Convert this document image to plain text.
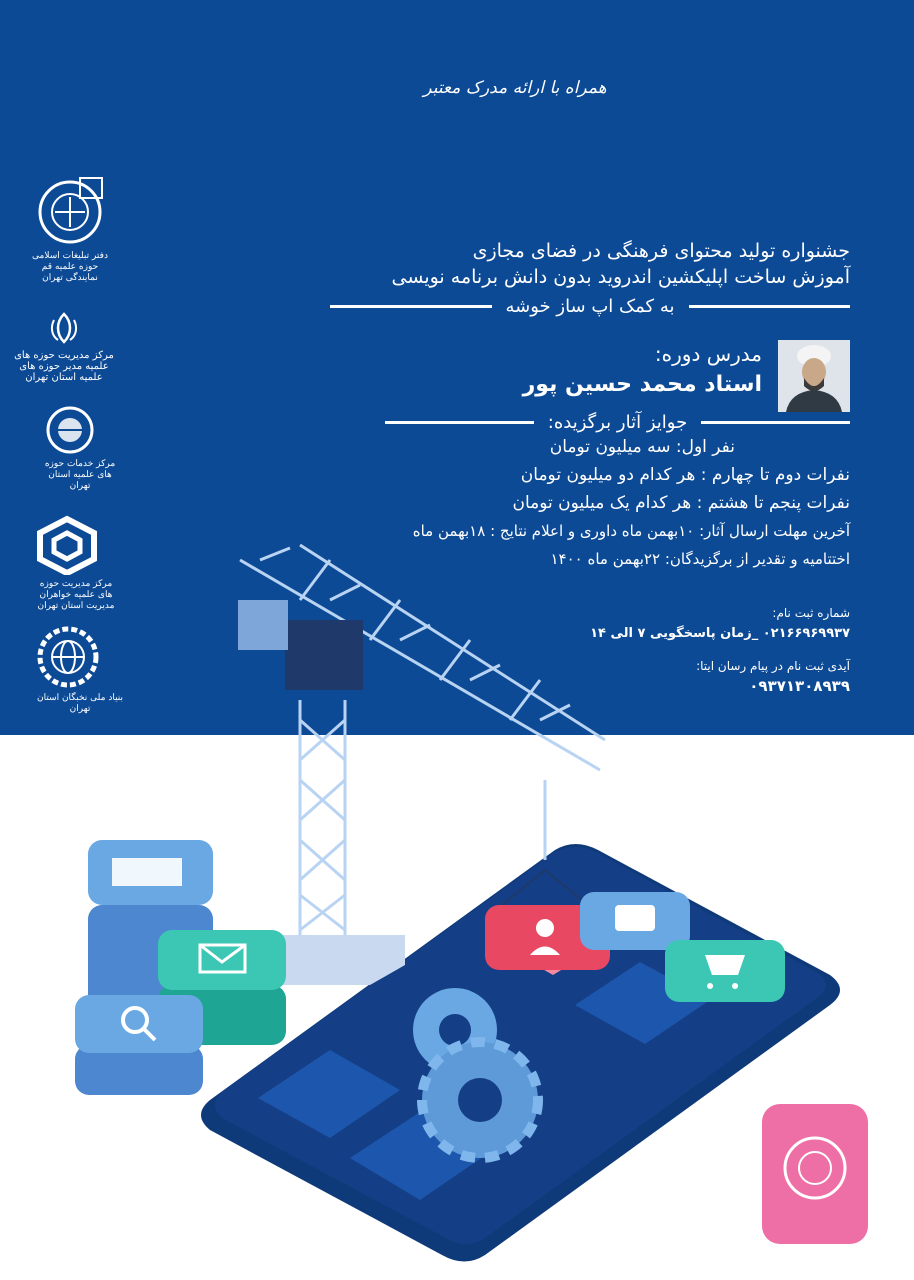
همراه با ارائه مدرک معتبر
دفتر تبلیغات اسلامی حوزه علمیه قم نمایندگی تهران
مرکز مدیریت حوزه های علمیه مدیر حوزه های علمیه استان تهران
مرکز خدمات حوزه های علمیه استان تهران
مرکز مدیریت حوزه های علمیه خواهران مدیریت استان تهران
بنیاد ملی نخبگان استان تهران
جشنواره تولید محتوای فرهنگی در فضای مجازی
آموزش ساخت اپلیکشین اندروید بدون دانش برنامه نویسی
به کمک اپ ساز خوشه
مدرس دوره:
استاد محمد حسین پور
جوایز آثار برگزیده:
نفر اول: سه میلیون تومان
نفرات دوم تا چهارم : هر کدام دو میلیون تومان
نفرات پنجم تا هشتم : هر کدام یک میلیون تومان
آخرین مهلت ارسال آثار: ۱۰بهمن ماه داوری و اعلام نتایج : ۱۸بهمن ماه
اختتامیه و تقدیر از برگزیدگان: ۲۲بهمن ماه ۱۴۰۰
شماره ثبت نام:
۰۲۱۶۶۹۶۹۹۳۷ _زمان پاسخگویی ۷ الی ۱۴
آیدی ثبت نام در پیام رسان ایتا:
۰۹۳۷۱۳۰۸۹۳۹
